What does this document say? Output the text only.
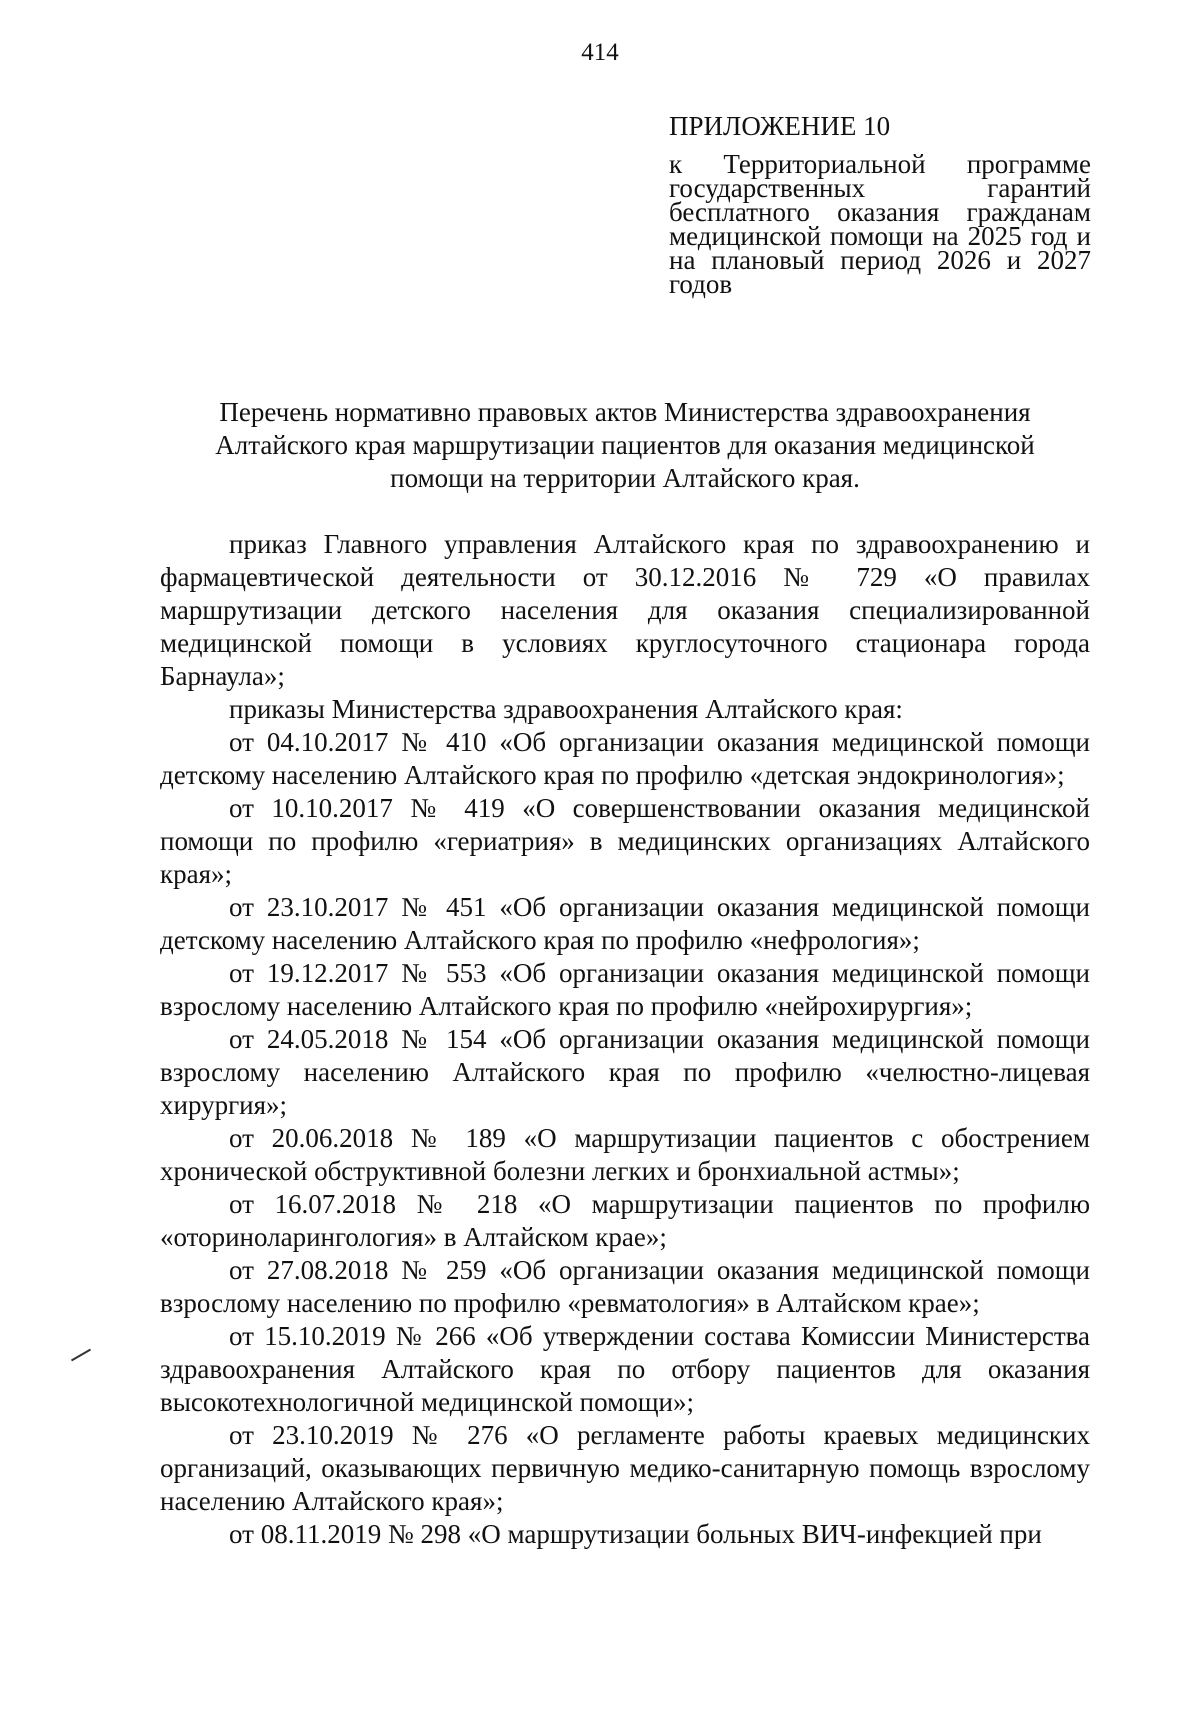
414
ПРИЛОЖЕНИЕ 10
к Территориальной программе государственных гарантий бесплатного оказания гражданам медицинской помощи на 2025 год и на плановый период 2026 и 2027 годов
Перечень нормативно правовых актов Министерства здравоохранения
Алтайского края маршрутизации пациентов для оказания медицинской
помощи на территории Алтайского края.

приказ Главного управления Алтайского края по здравоохранению и фармацевтической деятельности от 30.12.2016 № 729 «О правилах маршрутизации детского населения для оказания специализированной медицинской помощи в условиях круглосуточного стационара города Барнаула»;

приказы Министерства здравоохранения Алтайского края:

от 04.10.2017 № 410 «Об организации оказания медицинской помощи детскому населению Алтайского края по профилю «детская эндокринология»;

от 10.10.2017 № 419 «О совершенствовании оказания медицинской помощи по профилю «гериатрия» в медицинских организациях Алтайского края»;

от 23.10.2017 № 451 «Об организации оказания медицинской помощи детскому населению Алтайского края по профилю «нефрология»;

от 19.12.2017 № 553 «Об организации оказания медицинской помощи взрослому населению Алтайского края по профилю «нейрохирургия»;

от 24.05.2018 № 154 «Об организации оказания медицинской помощи взрослому населению Алтайского края по профилю «челюстно-лицевая хирургия»;

от 20.06.2018 № 189 «О маршрутизации пациентов с обострением хронической обструктивной болезни легких и бронхиальной астмы»;

от 16.07.2018 № 218 «О маршрутизации пациентов по профилю «оториноларингология» в Алтайском крае»;

от 27.08.2018 № 259 «Об организации оказания медицинской помощи взрослому населению по профилю «ревматология» в Алтайском крае»;

от 15.10.2019 № 266 «Об утверждении состава Комиссии Министерства здравоохранения Алтайского края по отбору пациентов для оказания высокотехнологичной медицинской помощи»;

от 23.10.2019 № 276 «О регламенте работы краевых медицинских организаций, оказывающих первичную медико-санитарную помощь взрослому населению Алтайского края»;

от 08.11.2019 № 298 «О маршрутизации больных ВИЧ-инфекцией при
